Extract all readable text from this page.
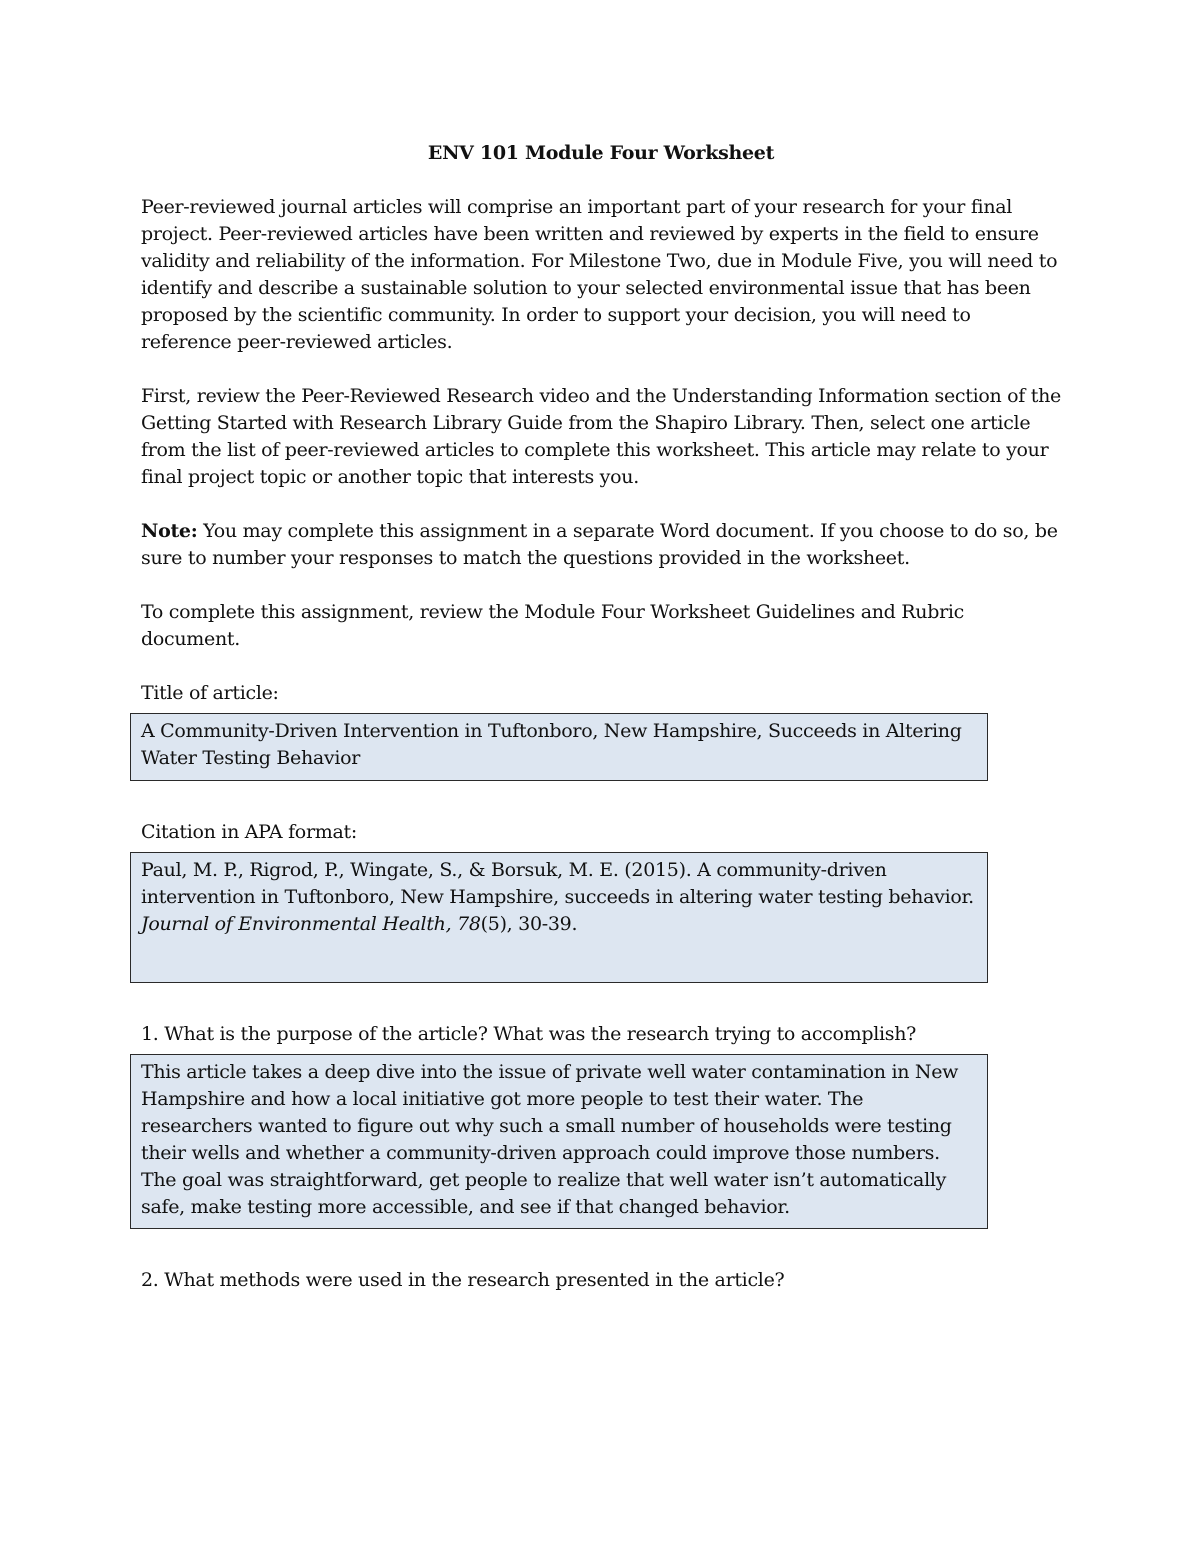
ENV 101 Module Four Worksheet

Peer-reviewed journal articles will comprise an important part of your research for your final project. Peer-reviewed articles have been written and reviewed by experts in the field to ensure validity and reliability of the information. For Milestone Two, due in Module Five, you will need to identify and describe a sustainable solution to your selected environmental issue that has been proposed by the scientific community. In order to support your decision, you will need to reference peer-reviewed articles.

First, review the Peer-Reviewed Research video and the Understanding Information section of the Getting Started with Research Library Guide from the Shapiro Library. Then, select one article from the list of peer-reviewed articles to complete this worksheet. This article may relate to your final project topic or another topic that interests you.

Note: You may complete this assignment in a separate Word document. If you choose to do so, be sure to number your responses to match the questions provided in the worksheet.

To complete this assignment, review the Module Four Worksheet Guidelines and Rubric document.

Title of article:
A Community-Driven Intervention in Tuftonboro, New Hampshire, Succeeds in Altering Water Testing Behavior
Citation in APA format:
Paul, M. P., Rigrod, P., Wingate, S., & Borsuk, M. E. (2015). A community-driven intervention in Tuftonboro, New Hampshire, succeeds in altering water testing behavior. Journal of Environmental Health, 78(5), 30-39.
1. What is the purpose of the article? What was the research trying to accomplish?
This article takes a deep dive into the issue of private well water contamination in New Hampshire and how a local initiative got more people to test their water. The researchers wanted to figure out why such a small number of households were testing their wells and whether a community-driven approach could improve those numbers. The goal was straightforward, get people to realize that well water isn’t automatically safe, make testing more accessible, and see if that changed behavior.
2. What methods were used in the research presented in the article?
